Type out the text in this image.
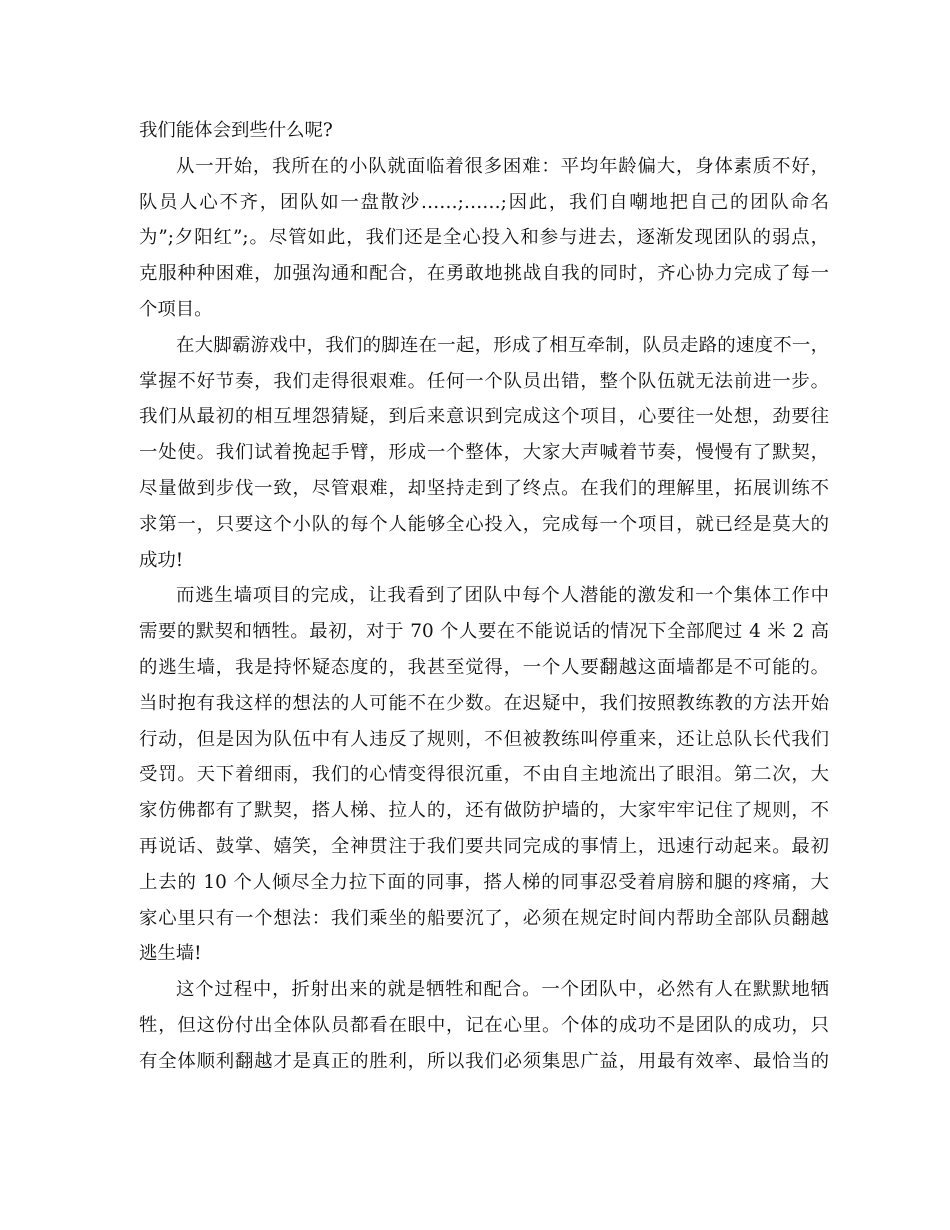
我们能体会到些什么呢?
从一开始，我所在的小队就面临着很多困难：平均年龄偏大，身体素质不好，
队员人心不齐，团队如一盘散沙……;……;因此，我们自嘲地把自己的团队命名
为”;夕阳红”;。尽管如此，我们还是全心投入和参与进去，逐渐发现团队的弱点，
克服种种困难，加强沟通和配合，在勇敢地挑战自我的同时，齐心协力完成了每一
个项目。
在大脚霸游戏中，我们的脚连在一起，形成了相互牵制，队员走路的速度不一，
掌握不好节奏，我们走得很艰难。任何一个队员出错，整个队伍就无法前进一步。
我们从最初的相互埋怨猜疑，到后来意识到完成这个项目，心要往一处想，劲要往
一处使。我们试着挽起手臂，形成一个整体，大家大声喊着节奏，慢慢有了默契，
尽量做到步伐一致，尽管艰难，却坚持走到了终点。在我们的理解里，拓展训练不
求第一，只要这个小队的每个人能够全心投入，完成每一个项目，就已经是莫大的
成功!
而逃生墙项目的完成，让我看到了团队中每个人潜能的激发和一个集体工作中
需要的默契和牺牲。最初，对于 70 个人要在不能说话的情况下全部爬过 4 米 2 高
的逃生墙，我是持怀疑态度的，我甚至觉得，一个人要翻越这面墙都是不可能的。
当时抱有我这样的想法的人可能不在少数。在迟疑中，我们按照教练教的方法开始
行动，但是因为队伍中有人违反了规则，不但被教练叫停重来，还让总队长代我们
受罚。天下着细雨，我们的心情变得很沉重，不由自主地流出了眼泪。第二次，大
家仿佛都有了默契，搭人梯、拉人的，还有做防护墙的，大家牢牢记住了规则，不
再说话、鼓掌、嬉笑，全神贯注于我们要共同完成的事情上，迅速行动起来。最初
上去的 10 个人倾尽全力拉下面的同事，搭人梯的同事忍受着肩膀和腿的疼痛，大
家心里只有一个想法：我们乘坐的船要沉了，必须在规定时间内帮助全部队员翻越
逃生墙!
这个过程中，折射出来的就是牺牲和配合。一个团队中，必然有人在默默地牺
牲，但这份付出全体队员都看在眼中，记在心里。个体的成功不是团队的成功，只
有全体顺利翻越才是真正的胜利，所以我们必须集思广益，用最有效率、最恰当的
